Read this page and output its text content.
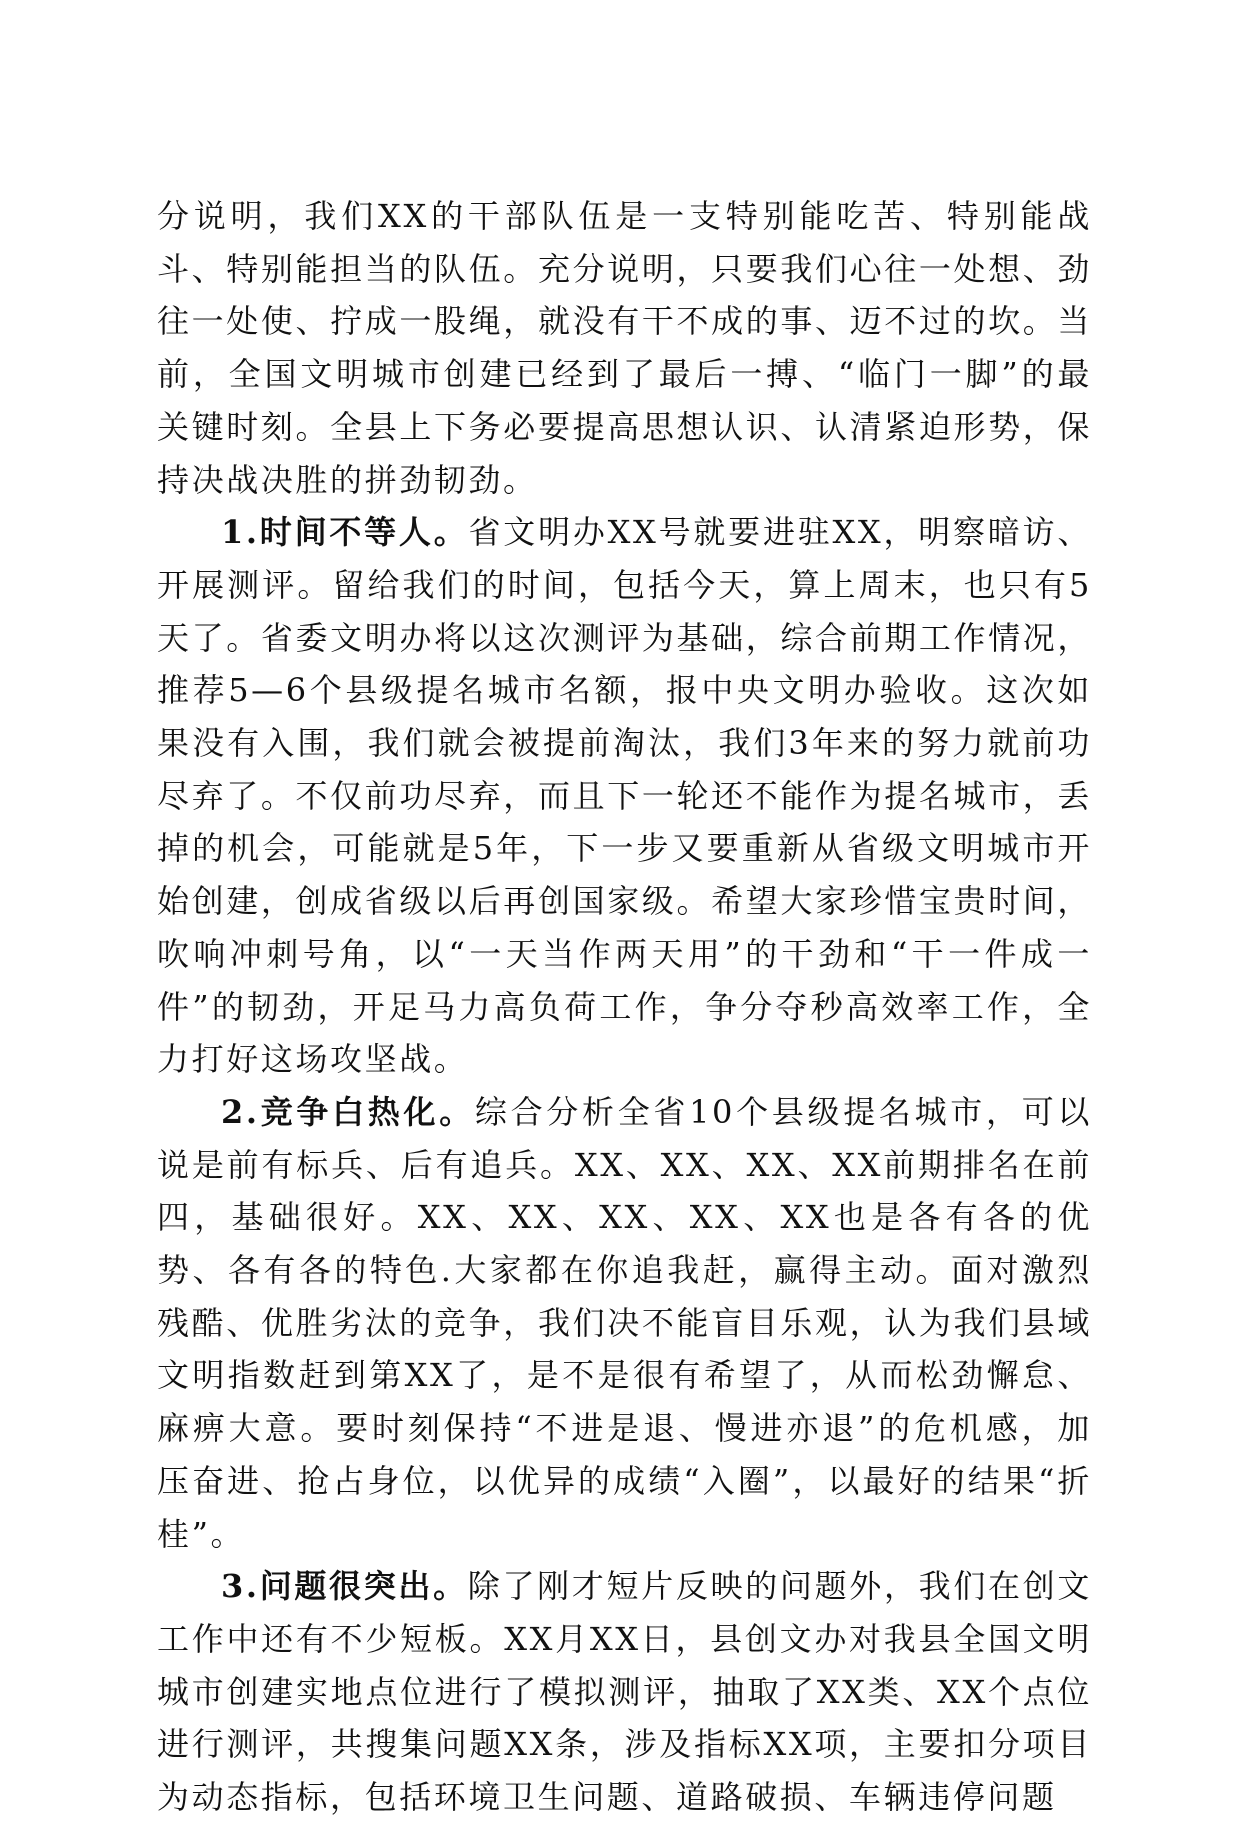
分说明，我们XX的干部队伍是一支特别能吃苦、特别能战斗、特别能担当的队伍。充分说明，只要我们心往一处想、劲往一处使、拧成一股绳，就没有干不成的事、迈不过的坎。当前，全国文明城市创建已经到了最后一搏、“临门一脚”的最关键时刻。全县上下务必要提高思想认识、认清紧迫形势，保持决战决胜的拼劲韧劲。

1.时间不等人。省文明办XX号就要进驻XX，明察暗访、开展测评。留给我们的时间，包括今天，算上周末，也只有5天了。省委文明办将以这次测评为基础，综合前期工作情况，推荐5—6个县级提名城市名额，报中央文明办验收。这次如果没有入围，我们就会被提前淘汰，我们3年来的努力就前功尽弃了。不仅前功尽弃，而且下一轮还不能作为提名城市，丢掉的机会，可能就是5年，下一步又要重新从省级文明城市开始创建，创成省级以后再创国家级。希望大家珍惜宝贵时间，吹响冲刺号角，以“一天当作两天用”的干劲和“干一件成一件”的韧劲，开足马力高负荷工作，争分夺秒高效率工作，全力打好这场攻坚战。

2.竞争白热化。综合分析全省10个县级提名城市，可以说是前有标兵、后有追兵。XX、XX、XX、XX前期排名在前四，基础很好。XX、XX、XX、XX、XX也是各有各的优势、各有各的特色.大家都在你追我赶，赢得主动。面对激烈残酷、优胜劣汰的竞争，我们决不能盲目乐观，认为我们县域文明指数赶到第XX了，是不是很有希望了，从而松劲懈怠、麻痹大意。要时刻保持“不进是退、慢进亦退”的危机感，加压奋进、抢占身位，以优异的成绩“入圈”，以最好的结果“折桂”。

3.问题很突出。除了刚才短片反映的问题外，我们在创文工作中还有不少短板。XX月XX日，县创文办对我县全国文明城市创建实地点位进行了模拟测评，抽取了XX类、XX个点位进行测评，共搜集问题XX条，涉及指标XX项，主要扣分项目为动态指标，包括环境卫生问题、道路破损、车辆违停问题
